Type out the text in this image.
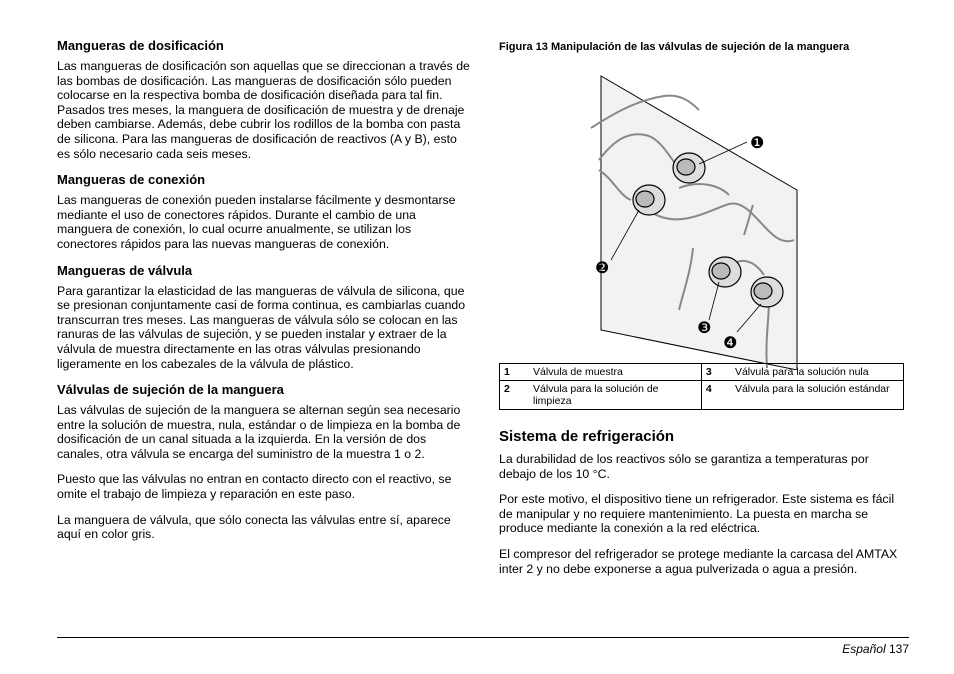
Mangueras de dosificación

Las mangueras de dosificación son aquellas que se direccionan a través de las bombas de dosificación. Las mangueras de dosificación sólo pueden colocarse en la respectiva bomba de dosificación diseñada para tal fin. Pasados tres meses, la manguera de dosificación de muestra y de drenaje deben cambiarse. Además, debe cubrir los rodillos de la bomba con pasta de silicona. Para las mangueras de dosificación de reactivos (A y B), esto es sólo necesario cada seis meses.

Mangueras de conexión

Las mangueras de conexión pueden instalarse fácilmente y desmontarse mediante el uso de conectores rápidos. Durante el cambio de una manguera de conexión, lo cual ocurre anualmente, se utilizan los conectores rápidos para las nuevas mangueras de conexión.

Mangueras de válvula

Para garantizar la elasticidad de las mangueras de válvula de silicona, que se presionan conjuntamente casi de forma continua, es cambiarlas cuando transcurran tres meses. Las mangueras de válvula sólo se colocan en las ranuras de las válvulas de sujeción, y se pueden instalar y extraer de la válvula de muestra directamente en las otras válvulas presionando ligeramente en los cabezales de la válvula de plástico.

Válvulas de sujeción de la manguera

Las válvulas de sujeción de la manguera se alternan según sea necesario entre la solución de muestra, nula, estándar o de limpieza en la bomba de dosificación de un canal situada a la izquierda. En la versión de dos canales, otra válvula se encarga del suministro de la muestra 1 o 2.

Puesto que las válvulas no entran en contacto directo con el reactivo, se omite el trabajo de limpieza y reparación en este paso.

La manguera de válvula, que sólo conecta las válvulas entre sí, aparece aquí en color gris.

Figura 13 Manipulación de las válvulas de sujeción de la manguera
❶
❷
❸
❹
1	Válvula de muestra	3	Válvula para la solución nula
2	Válvula para la solución de limpieza	4	Válvula para la solución estándar
Sistema de refrigeración

La durabilidad de los reactivos sólo se garantiza a temperaturas por debajo de los 10 °C.

Por este motivo, el dispositivo tiene un refrigerador. Este sistema es fácil de manipular y no requiere mantenimiento. La puesta en marcha se produce mediante la conexión a la red eléctrica.

El compresor del refrigerador se protege mediante la carcasa del AMTAX inter 2 y no debe exponerse a agua pulverizada o agua a presión.

Español 137
